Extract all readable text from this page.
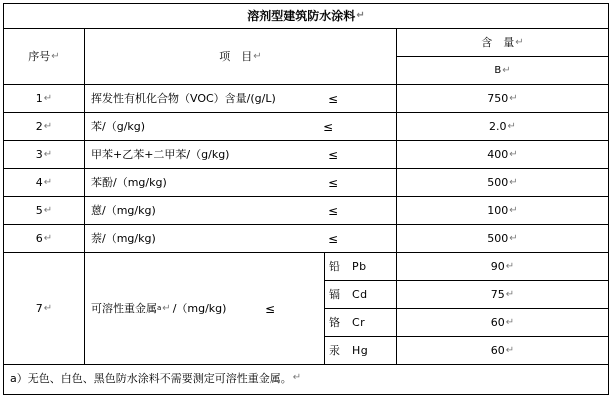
溶剂型建筑防水涂料 ↵
序号 ↵	项　目 ↵
含　量 ↵
B ↵
1 ↵	挥发性有机化合物（VOC）含量/(g/L)	≤	750 ↵
2 ↵	苯/（g/kg)	≤	2.0 ↵
3 ↵	甲苯+乙苯+二甲苯/（g/kg)	≤	400 ↵
4 ↵	苯酚/（mg/kg)	≤	500 ↵
5 ↵	蒽/（mg/kg)	≤	100 ↵
6 ↵	萘/（mg/kg)	≤	500 ↵
7 ↵	可溶性重金属 a ↵ /（mg/kg)	≤
铅　Pb	90 ↵
镉　Cd	75 ↵
铬　Cr	60 ↵
汞　Hg	60 ↵
a）无色、白色、黑色防水涂料不需要测定可溶性重金属。 ↵
